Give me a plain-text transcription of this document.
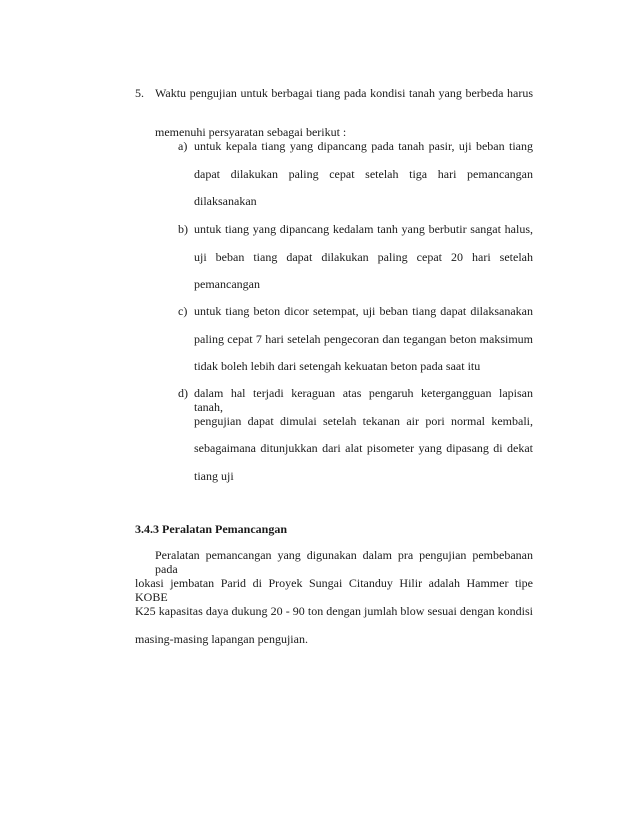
5. Waktu pengujian untuk berbagai tiang pada kondisi tanah yang berbeda harus
memenuhi persyaratan sebagai berikut :
a) untuk kepala tiang yang dipancang pada tanah pasir, uji beban tiang
dapat dilakukan paling cepat setelah tiga hari pemancangan
dilaksanakan
b) untuk tiang yang dipancang kedalam tanh yang berbutir sangat halus,
uji beban tiang dapat dilakukan paling cepat 20 hari setelah
pemancangan
c) untuk tiang beton dicor setempat, uji beban tiang dapat dilaksanakan
paling cepat 7 hari setelah pengecoran dan tegangan beton maksimum
tidak boleh lebih dari setengah kekuatan beton pada saat itu
d) dalam hal terjadi keraguan atas pengaruh ketergangguan lapisan tanah,
pengujian dapat dimulai setelah tekanan air pori normal kembali,
sebagaimana ditunjukkan dari alat pisometer yang dipasang di dekat
tiang uji
3.4.3 Peralatan Pemancangan
Peralatan pemancangan yang digunakan dalam pra pengujian pembebanan pada
lokasi jembatan Parid di Proyek Sungai Citanduy Hilir adalah Hammer tipe KOBE
K25 kapasitas daya dukung 20 - 90 ton dengan jumlah blow sesuai dengan kondisi
masing-masing lapangan pengujian.
